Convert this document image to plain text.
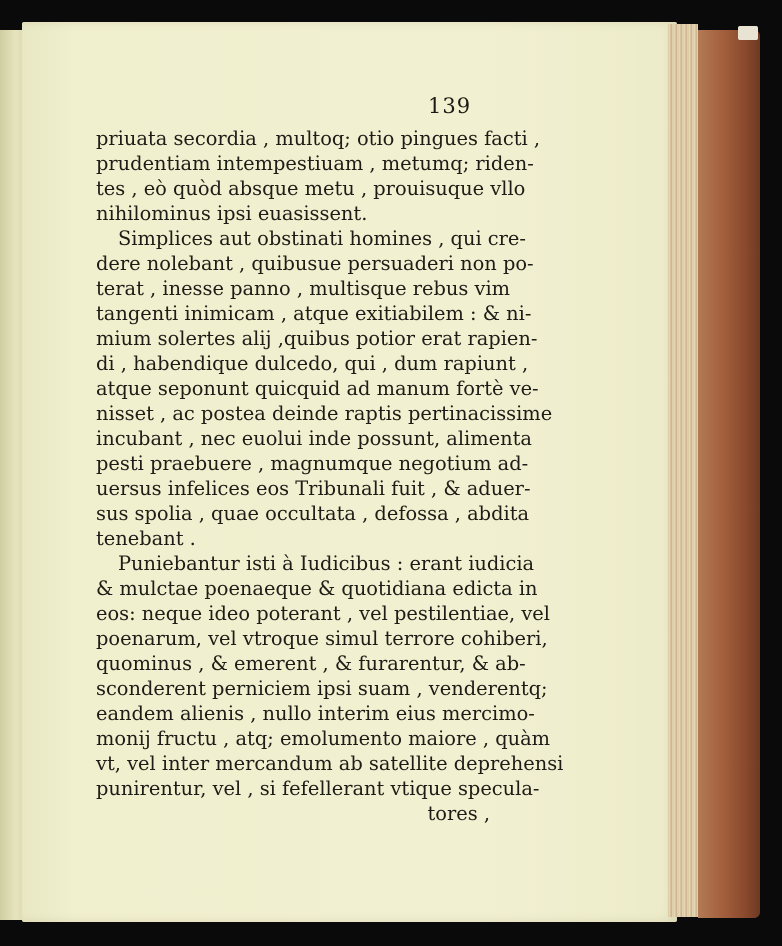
139
priuata secordia , multoq; otio pingues facti ,
prudentiam intempestiuam , metumq; riden-
tes , eò quòd absque metu , prouisuque vllo
nihilominus ipsi euasissent.
Simplices aut obstinati homines , qui cre-
dere nolebant , quibusue persuaderi non po-
terat , inesse panno , multisque rebus vim
tangenti inimicam , atque exitiabilem : & ni-
mium solertes alij ,quibus potior erat rapien-
di , habendique dulcedo, qui , dum rapiunt ,
atque seponunt quicquid ad manum fortè ve-
nisset , ac postea deinde raptis pertinacissime
incubant , nec euolui inde possunt, alimenta
pesti praebuere , magnumque negotium ad-
uersus infelices eos Tribunali fuit , & aduer-
sus spolia , quae occultata , defossa , abdita
tenebant .
Puniebantur isti à Iudicibus : erant iudicia
& mulctae poenaeque & quotidiana edicta in
eos: neque ideo poterant , vel pestilentiae, vel
poenarum, vel vtroque simul terrore cohiberi,
quominus , & emerent , & furarentur, & ab-
sconderent perniciem ipsi suam , venderentq;
eandem alienis , nullo interim eius mercimo-
monij fructu , atq; emolumento maiore , quàm
vt, vel inter mercandum ab satellite deprehensi
punirentur, vel , si fefellerant vtique specula-
tores ,
